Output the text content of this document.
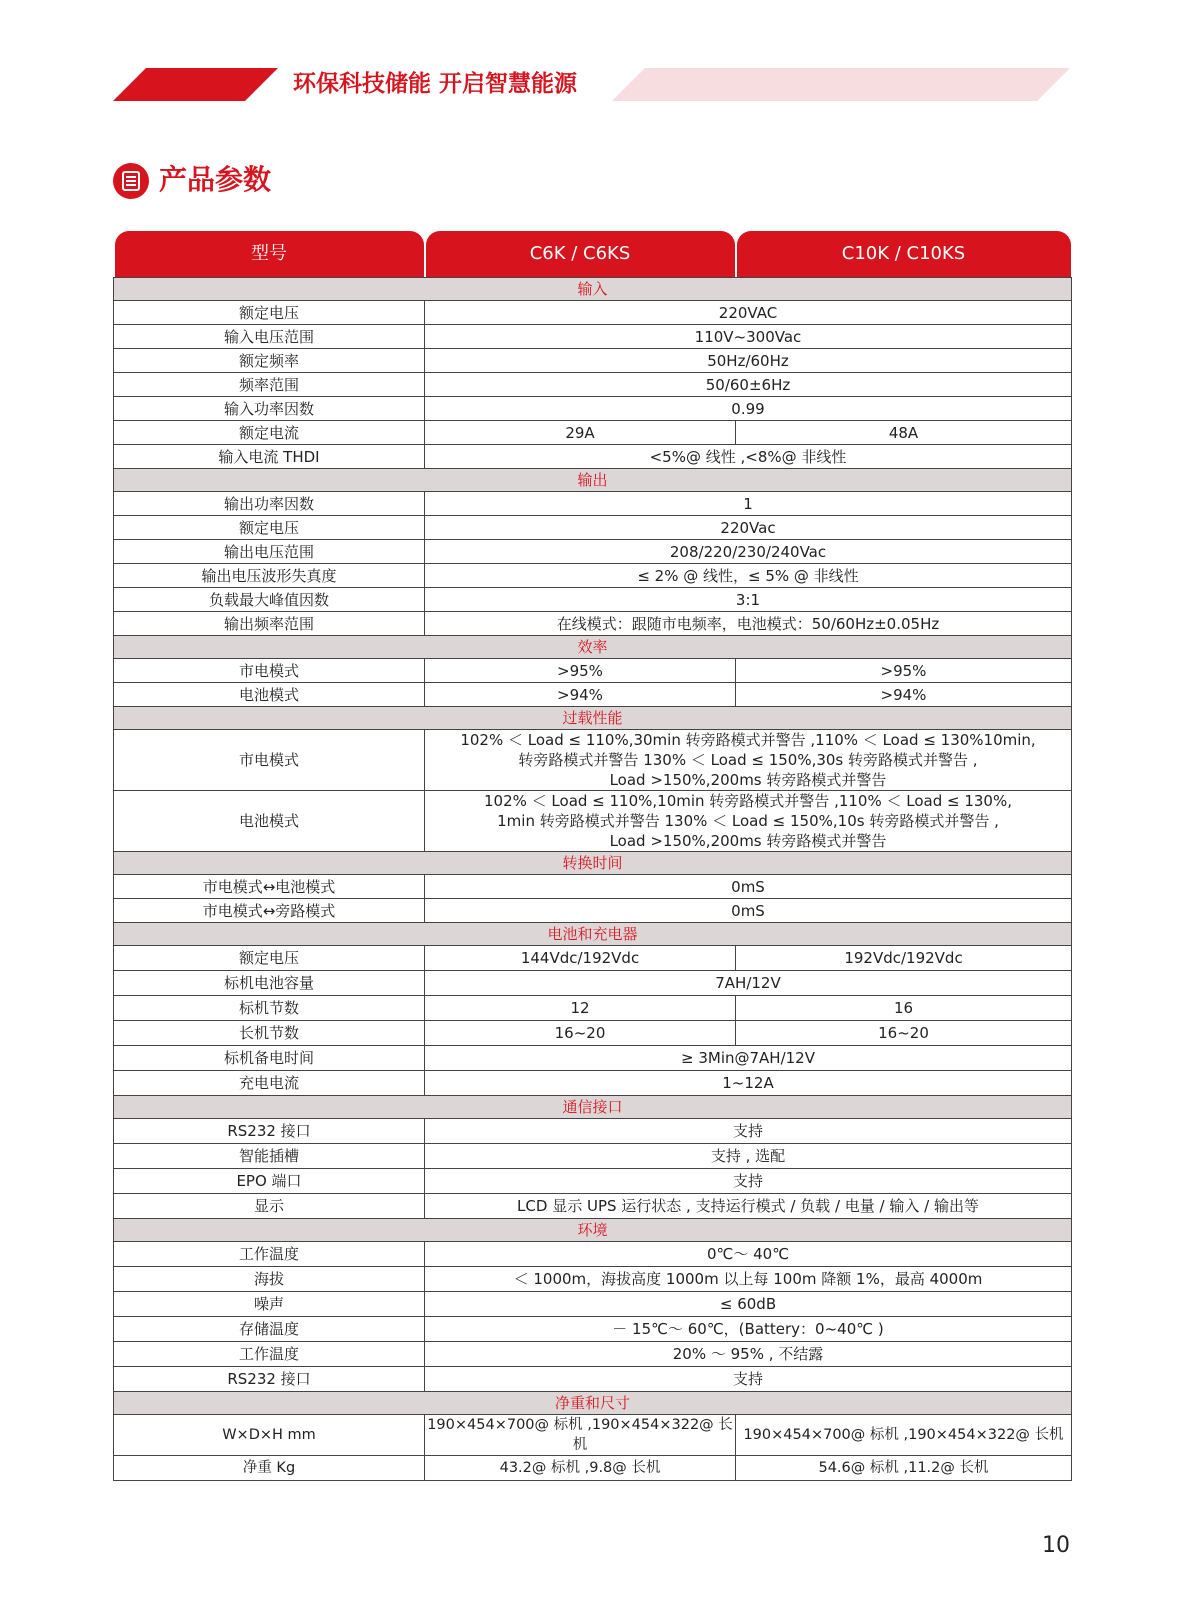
环保科技储能 开启智慧能源
产品参数
型号	C6K / C6KS	C10K / C10KS

输入		
额定电压	220VAC	
输入电压范围	110V~300Vac	
额定频率	50Hz/60Hz	
频率范围	50/60±6Hz	
输入功率因数	0.99	
额定电流	29A	48A
输入电流 THDI	<5%@ 线性 ,<8%@ 非线性	
输出		
输出功率因数	1	
额定电压	220Vac	
输出电压范围	208/220/230/240Vac	
输出电压波形失真度	≤ 2% @ 线性，≤ 5% @ 非线性	
负载最大峰值因数	3:1	
输出频率范围	在线模式：跟随市电频率，电池模式：50/60Hz±0.05Hz	
效率		
市电模式	>95%	>95%
电池模式	>94%	>94%
过载性能		
市电模式	102% ＜ Load ≤ 110%,30min 转旁路模式并警告 ,110% ＜ Load ≤ 130%10min,
转旁路模式并警告 130% ＜ Load ≤ 150%,30s 转旁路模式并警告 ,
Load >150%,200ms 转旁路模式并警告	

电池模式	102% ＜ Load ≤ 110%,10min 转旁路模式并警告 ,110% ＜ Load ≤ 130%,
1min 转旁路模式并警告 130% ＜ Load ≤ 150%,10s 转旁路模式并警告 ,
Load >150%,200ms 转旁路模式并警告	

转换时间		
市电模式↔电池模式	0mS	
市电模式↔旁路模式	0mS	
电池和充电器		
额定电压	144Vdc/192Vdc	192Vdc/192Vdc
标机电池容量	7AH/12V	
标机节数	12	16
长机节数	16~20	16~20
标机备电时间	≥ 3Min@7AH/12V	
充电电流	1~12A	
通信接口		
RS232 接口	支持	
智能插槽	支持 , 选配	
EPO 端口	支持	
显示	LCD 显示 UPS 运行状态 , 支持运行模式 / 负载 / 电量 / 输入 / 输出等	
环境		
工作温度	0℃～ 40℃	
海拔	＜ 1000m，海拔高度 1000m 以上每 100m 降额 1%，最高 4000m	
噪声	≤ 60dB	
存储温度	－ 15℃～ 60℃，(Battery：0~40℃ )	
工作温度	20% ～ 95% , 不结露	
RS232 接口	支持	
净重和尺寸		
W×D×H mm	190×454×700@ 标机 ,190×454×322@ 长机	190×454×700@ 标机 ,190×454×322@ 长机
净重 Kg	43.2@ 标机 ,9.8@ 长机	54.6@ 标机 ,11.2@ 长机
10
